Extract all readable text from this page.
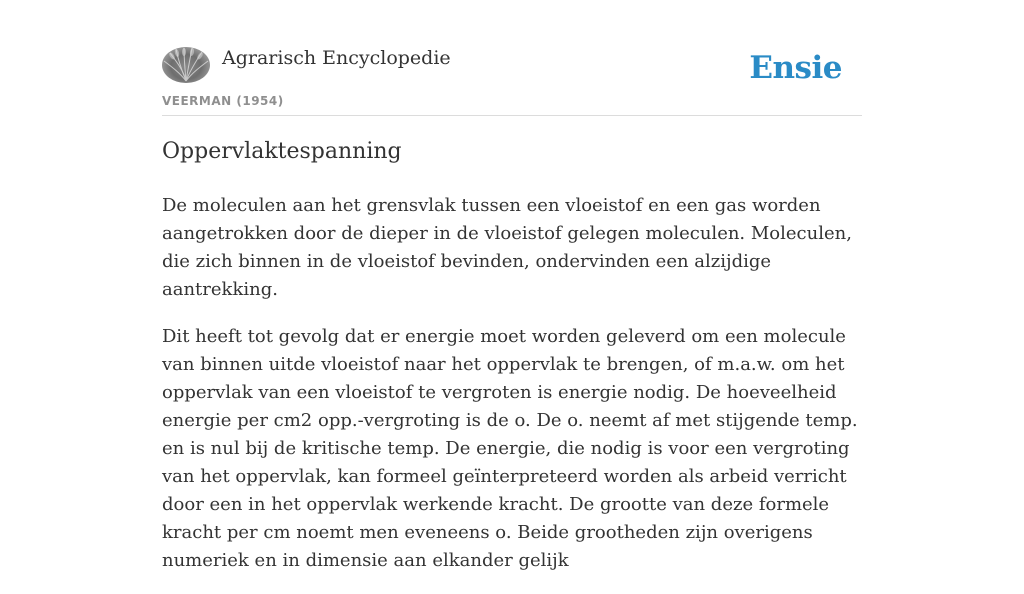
Agrarisch Encyclopedie
VEERMAN (1954)
Ensie
Oppervlaktespanning

De moleculen aan het grensvlak tussen een vloeistof en een gas worden aangetrokken door de dieper in de vloeistof gelegen moleculen. Moleculen, die zich binnen in de vloeistof bevinden, ondervinden een alzijdige aantrekking.

Dit heeft tot gevolg dat er energie moet worden geleverd om een molecule van binnen uitde vloeistof naar het oppervlak te brengen, of m.a.w. om het oppervlak van een vloeistof te vergroten is energie nodig. De hoeveelheid energie per cm2 opp.-vergroting is de o. De o. neemt af met stijgende temp. en is nul bij de kritische temp. De energie, die nodig is voor een vergroting van het oppervlak, kan formeel geïnterpreteerd worden als arbeid verricht door een in het oppervlak werkende kracht. De grootte van deze formele kracht per cm noemt men eveneens o. Beide grootheden zijn overigens numeriek en in dimensie aan elkander gelijk
